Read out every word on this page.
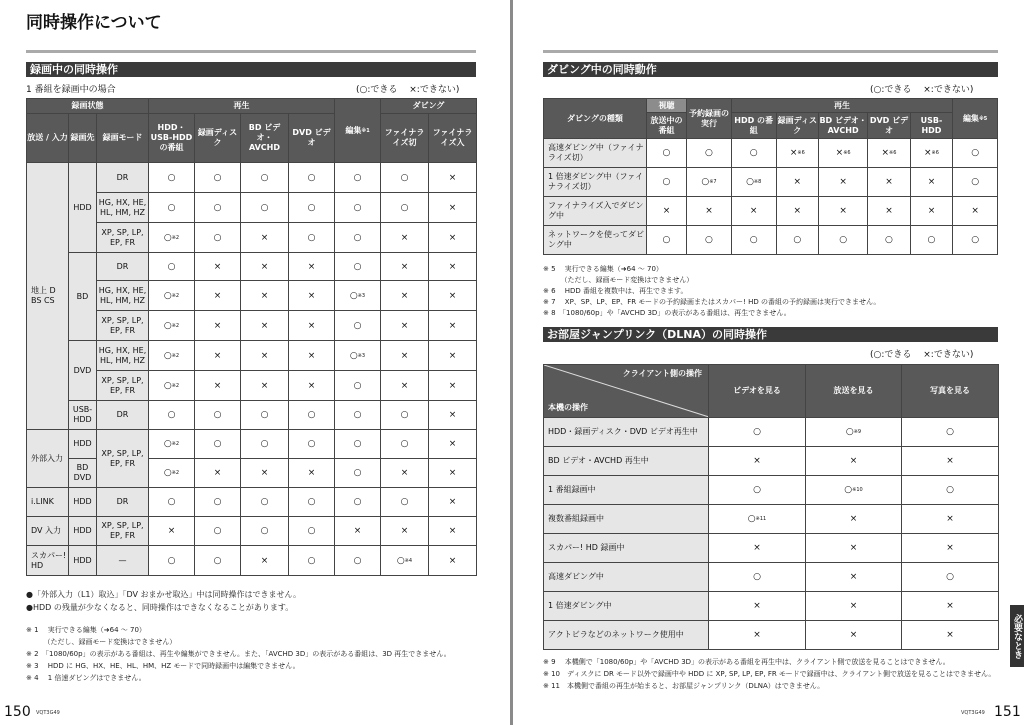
同時操作について
録画中の同時操作
1 番組を録画中の場合	(○:できる　 ×:できない)
録画状態			再生				編集$^{※1}$	ダビング	
放送 / 入力	録画先	録画モード	HDD・USB-HDD の番組	録画ディスク	BD ビデオ・AVCHD	DVD ビデオ		ファイナライズ切	ファイナライズ入
地上 D BS CS	HDD	DR	○	○	○	○	○	○	×
		HG, HX, HE, HL, HM, HZ	○	○	○	○	○	○	×
		XP, SP, LP, EP, FR	○$^{※2}$	○	×	○	○	×	×
	BD	DR	○	×	×	×	○	×	×
		HG, HX, HE, HL, HM, HZ	○$^{※2}$	×	×	×	○$^{※3}$	×	×
		XP, SP, LP, EP, FR	○$^{※2}$	×	×	×	○	×	×
	DVD	HG, HX, HE, HL, HM, HZ	○$^{※2}$	×	×	×	○$^{※3}$	×	×
		XP, SP, LP, EP, FR	○$^{※2}$	×	×	×	○	×	×
	USB-HDD	DR	○	○	○	○	○	○	×
外部入力	HDD	XP, SP, LP, EP, FR	○$^{※2}$	○	○	○	○	○	×
	BD DVD		○$^{※2}$	×	×	×	○	×	×
i.LINK	HDD	DR	○	○	○	○	○	○	×
DV 入力	HDD	XP, SP, LP, EP, FR	×	○	○	○	×	×	×
スカパー! HD	HDD	—	○	○	×	○	○	○$^{※4}$	×
●「外部入力（L1）取込」「DV おまかせ取込」中は同時操作はできません。
●HDD の残量が少なくなると、同時操作はできなくなることがあります。
※ 1　 実行できる編集（➜64 ～ 70）
　　　（ただし、録画モード変換はできません）
※ 2　「1080/60p」の表示がある番組は、再生や編集ができません。また、「AVCHD 3D」の表示がある番組は、3D 再生できません。
※ 3　 HDD に HG、HX、HE、HL、HM、HZ モードで同時録画中は編集できません。
※ 4　 1 倍速ダビングはできません。
150 VQT3G49
ダビング中の同時動作
(○:できる　 ×:できない)
ダビングの種類	視聴	予約録画の実行	再生					編集$^{※5}$
	放送中の番組		HDD の番組	録画ディスク	BD ビデオ・AVCHD	DVD ビデオ	USB-HDD	
高速ダビング中（ファイナライズ切）	○	○	○	×$^{※6}$	×$^{※6}$	×$^{※6}$	×$^{※6}$	○
1 倍速ダビング中（ファイナライズ切）	○	○$^{※7}$	○$^{※8}$	×	×	×	×	○
ファイナライズ入でダビング中	×	×	×	×	×	×	×	×
ネットワークを使ってダビング中	○	○	○	○	○	○	○	○
※ 5　 実行できる編集（➜64 ～ 70）
　　　（ただし、録画モード変換はできません）
※ 6　 HDD 番組を複数中は、再生できます。
※ 7　 XP、SP、LP、EP、FR モードの予約録画またはスカパー! HD の番組の予約録画は実行できません。
※ 8　「1080/60p」や「AVCHD 3D」の表示がある番組は、再生できません。
お部屋ジャンプリンク（DLNA）の同時操作
(○:できる　 ×:できない)
クライアント側の操作
本機の操作	ビデオを見る	放送を見る	写真を見る
HDD・録画ディスク・DVD ビデオ再生中	○	○$^{※9}$	○
BD ビデオ・AVCHD 再生中	×	×	×
1 番組録画中	○	○$^{※10}$	○
複数番組録画中	○$^{※11}$	×	×
スカパー! HD 録画中	×	×	×
高速ダビング中	○	×	○
1 倍速ダビング中	×	×	×
アクトビラなどのネットワーク使用中	×	×	×
※ 9　 本機側で「1080/60p」や「AVCHD 3D」の表示がある番組を再生中は、クライアント側で放送を見ることはできません。
※ 10　ディスクに DR モード以外で録画中や HDD に XP, SP, LP, EP, FR モードで録画中は、クライアント側で放送を見ることはできません。
※ 11　本機側で番組の再生が始まると、お部屋ジャンプリンク（DLNA）はできません。
必要なとき
VQT3G49 151
